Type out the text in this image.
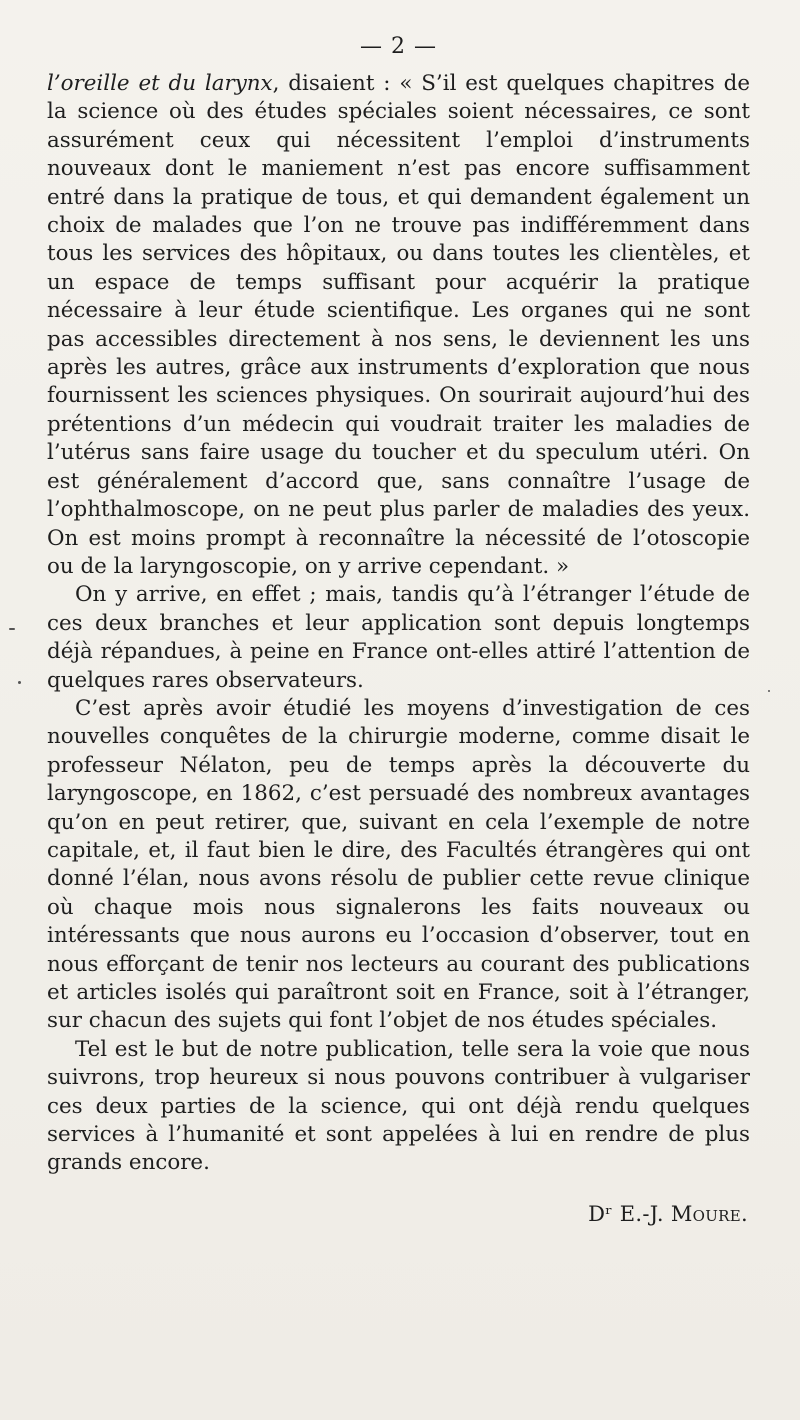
— 2 —

l’oreille et du larynx, disaient : « S’il est quelques chapitres de la science où des études spéciales soient nécessaires, ce sont assurément ceux qui nécessitent l’emploi d’instruments nouveaux dont le maniement n’est pas encore suffisamment entré dans la pratique de tous, et qui demandent également un choix de malades que l’on ne trouve pas indifféremment dans tous les services des hôpitaux, ou dans toutes les clientèles, et un espace de temps suffisant pour acquérir la pratique nécessaire à leur étude scientifique. Les organes qui ne sont pas accessibles directement à nos sens, le deviennent les uns après les autres, grâce aux instruments d’exploration que nous fournissent les sciences physiques. On sourirait aujourd’hui des prétentions d’un médecin qui voudrait traiter les maladies de l’utérus sans faire usage du toucher et du speculum utéri. On est généralement d’accord que, sans connaître l’usage de l’ophthalmoscope, on ne peut plus parler de maladies des yeux. On est moins prompt à reconnaître la nécessité de l’otoscopie ou de la laryngoscopie, on y arrive cependant. »

On y arrive, en effet ; mais, tandis qu’à l’étranger l’étude de ces deux branches et leur application sont depuis longtemps déjà répandues, à peine en France ont-elles attiré l’attention de quelques rares observateurs.

C’est après avoir étudié les moyens d’investigation de ces nouvelles conquêtes de la chirurgie moderne, comme disait le professeur Nélaton, peu de temps après la découverte du laryngoscope, en 1862, c’est persuadé des nombreux avantages qu’on en peut retirer, que, suivant en cela l’exemple de notre capitale, et, il faut bien le dire, des Facultés étrangères qui ont donné l’élan, nous avons résolu de publier cette revue clinique où chaque mois nous signalerons les faits nouveaux ou intéressants que nous aurons eu l’occasion d’observer, tout en nous efforçant de tenir nos lecteurs au courant des publications et articles isolés qui paraîtront soit en France, soit à l’étranger, sur chacun des sujets qui font l’objet de nos études spéciales.

Tel est le but de notre publication, telle sera la voie que nous suivrons, trop heureux si nous pouvons contribuer à vulgariser ces deux parties de la science, qui ont déjà rendu quelques services à l’humanité et sont appelées à lui en rendre de plus grands encore.

Dʳ E.-J. Moure.
